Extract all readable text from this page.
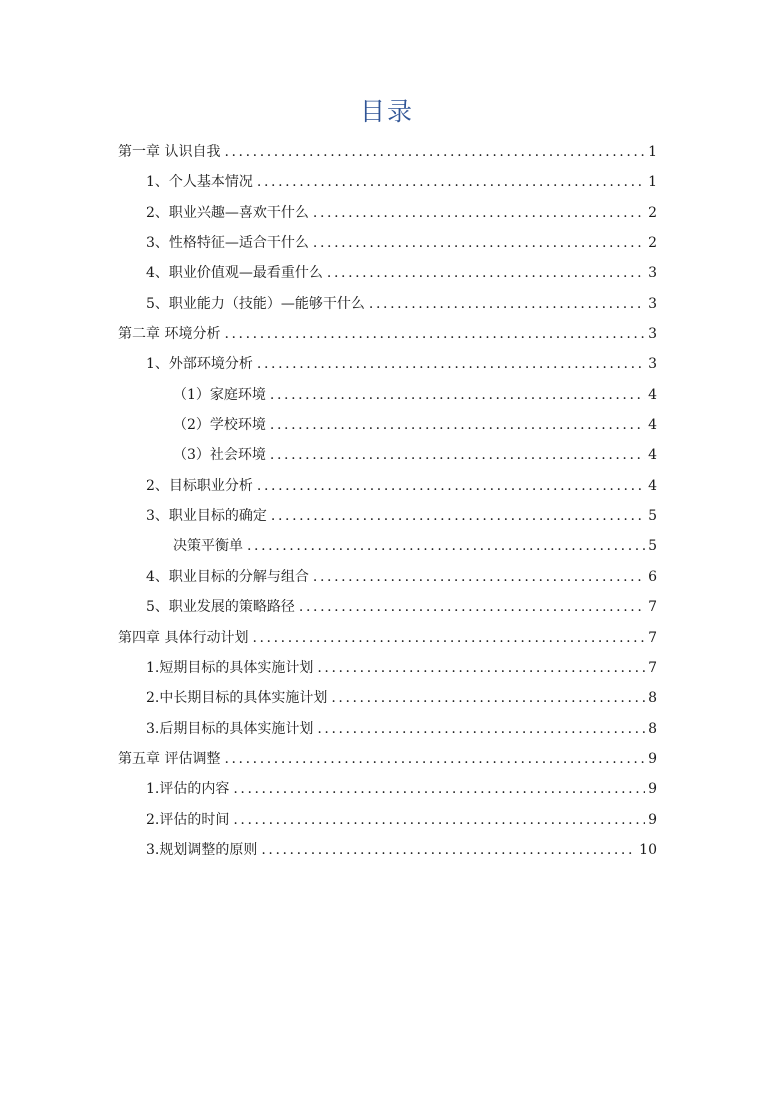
目录
第一章 认识自我 .....	1
1、个人基本情况 .....	1
2、职业兴趣—喜欢干什么 .....	2
3、性格特征—适合干什么 .....	2
4、职业价值观—最看重什么 .....	3
5、职业能力（技能）—能够干什么 .....	3
第二章 环境分析 .....	3
1、外部环境分析 .....	3
（1）家庭环境 .....	4
（2）学校环境 .....	4
（3）社会环境 .....	4
2、目标职业分析 .....	4
3、职业目标的确定 .....	5
决策平衡单 .....	5
4、职业目标的分解与组合 .....	6
5、职业发展的策略路径 .....	7
第四章 具体行动计划 .....	7
1.短期目标的具体实施计划 .....	7
2.中长期目标的具体实施计划 .....	8
3.后期目标的具体实施计划 .....	8
第五章 评估调整 .....	9
1.评估的内容 .....	9
2.评估的时间 .....	9
3.规划调整的原则 .....	10
